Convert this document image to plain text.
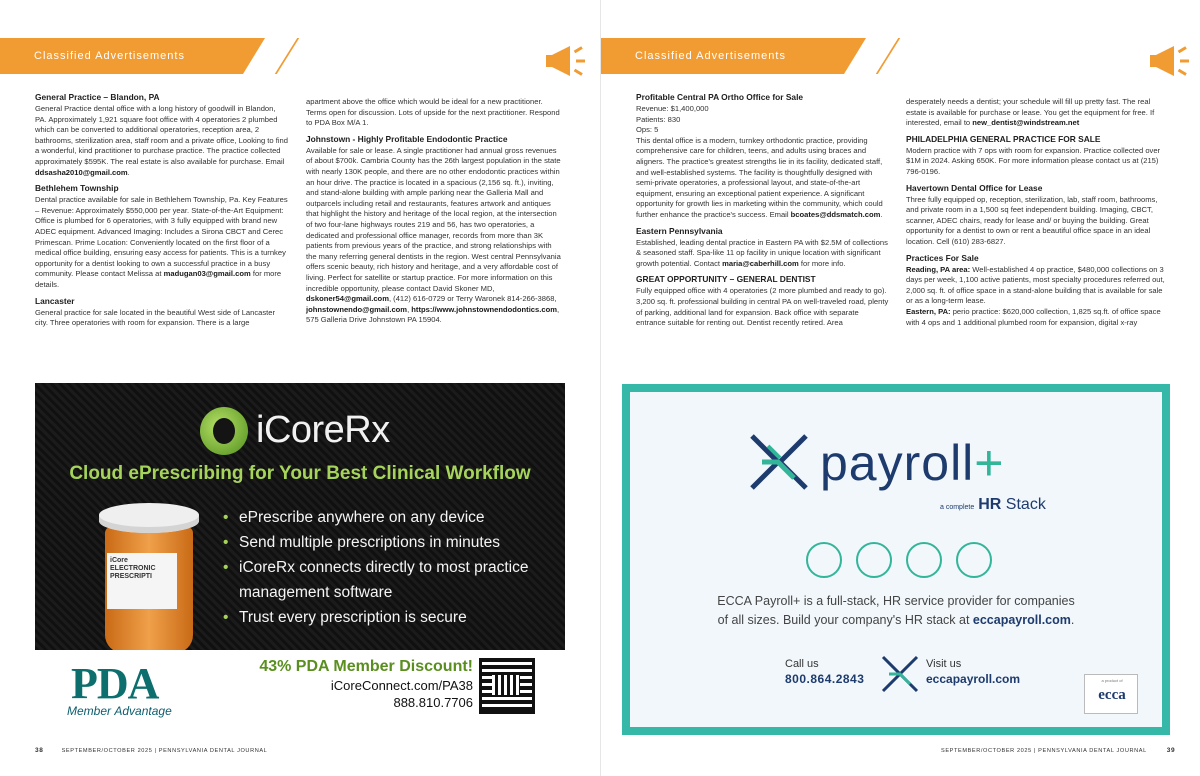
Classified Advertisements
General Practice – Blandon, PA

General Practice dental office with a long history of goodwill in Blandon, PA. Approximately 1,921 square foot office with 4 operatories 2 plumbed which can be converted to additional operatories, reception area, 2 bathrooms, sterilization area, staff room and a private office, Looking to find a wonderful, kind practitioner to purchase practice. The practice collected approximately $595K. The real estate is also available for purchase. Email ddsasha2010@gmail.com.

Bethlehem Township

Dental practice available for sale in Bethlehem Township, Pa. Key Features – Revenue: Approximately $550,000 per year. State-of-the-Art Equipment: Office is plumbed for 6 operatories, with 3 fully equipped with brand new ADEC equipment. Advanced Imaging: Includes a Sirona CBCT and Cerec Primescan. Prime Location: Conveniently located on the first floor of a medical office building, ensuring easy access for patients. This is a turnkey opportunity for a dentist looking to own a successful practice in a busy community. Please contact Melissa at madugan03@gmail.com for more details.

Lancaster

General practice for sale located in the beautiful West side of Lancaster city. Three operatories with room for expansion. There is a large

apartment above the office which would be ideal for a new practitioner. Terms open for discussion. Lots of upside for the next practitioner. Respond to PDA Box M/A 1.

Johnstown - Highly Profitable Endodontic Practice

Available for sale or lease. A single practitioner had annual gross revenues of about $700k. Cambria County has the 26th largest population in the state with nearly 130K people, and there are no other endodontic practices within an hour drive. The practice is located in a spacious (2,156 sq. ft.), inviting, and stand-alone building with ample parking near the Galleria Mall and outparcels including retail and restaurants, features artwork and antiques that highlight the history and heritage of the local region, at the intersection of two four-lane highways routes 219 and 56, has two operatories, a dedicated and professional office manager, records from more than 3K patients from previous years of the practice, and strong relationships with the many referring general dentists in the region. West central Pennsylvania offers scenic beauty, rich history and heritage, and a very affordable cost of living. Perfect for satellite or startup practice. For more information on this incredible opportunity, please contact David Skoner MD, dskoner54@gmail.com, (412) 616-0729 or Terry Waronek 814-266-3868, johnstownendo@gmail.com, https://www.johnstownendodontics.com, 575 Galleria Drive Johnstown PA 15904.

iCoreRx
Cloud ePrescribing for Your Best Clinical Workflow
iCore
ELECTRONIC PRESCRIPTI
• ePrescribe anywhere on any device
• Send multiple prescriptions in minutes
• iCoreRx connects directly to most practice management software
• Trust every prescription is secure
PDA
Member Advantage
43% PDA Member Discount!
iCoreConnect.com/PA38
888.810.7706
38	SEPTEMBER/OCTOBER 2025 | PENNSYLVANIA DENTAL JOURNAL
Classified Advertisements
Profitable Central PA Ortho Office for Sale

Revenue: $1,400,000
Patients: 830
Ops: 5
This dental office is a modern, turnkey orthodontic practice, providing comprehensive care for children, teens, and adults using braces and aligners. The practice's greatest strengths lie in its facility, dedicated staff, and well-established systems. The facility is thoughtfully designed with semi-private operatories, a professional layout, and state-of-the-art equipment, ensuring an exceptional patient experience. A significant opportunity for growth lies in marketing within the community, which could further enhance the practice's success. Email bcoates@ddsmatch.com.

Eastern Pennsylvania

Established, leading dental practice in Eastern PA with $2.5M of collections & seasoned staff. Spa-like 11 op facility in unique location with significant growth potential. Contact maria@caberhill.com for more info.

GREAT OPPORTUNITY – GENERAL DENTIST

Fully equipped office with 4 operatories (2 more plumbed and ready to go). 3,200 sq. ft. professional building in central PA on well-traveled road, plenty of parking, additional land for expansion. Back office with separate entrance suitable for renting out. Dentist recently retired. Area

desperately needs a dentist; your schedule will fill up pretty fast. The real estate is available for purchase or lease. You get the equipment for free. If interested, email to new_dentist@windstream.net

PHILADELPHIA GENERAL PRACTICE FOR SALE

Modern practice with 7 ops with room for expansion. Practice collected over $1M in 2024. Asking 650K. For more information please contact us at (215) 796-0196.

Havertown Dental Office for Lease

Three fully equipped op, reception, sterilization, lab, staff room, bathrooms, and private room in a 1,500 sq feet independent building. Imaging, CBCT, scanner, ADEC chairs, ready for lease and/ or buying the building. Great opportunity for a dentist to own or rent a beautiful office space in an ideal location. Cell (610) 283-6827.

Practices For Sale

Reading, PA area: Well-established 4 op practice, $480,000 collections on 3 days per week, 1,100 active patients, most specialty procedures referred out, 2,000 sq. ft. of office space in a stand-alone building that is available for sale or as a long-term lease.

Eastern, PA: perio practice: $620,000 collection, 1,825 sq.ft. of office space with 4 ops and 1 additional plumbed room for expansion, digital x-ray

payroll+
a complete HR Stack
ECCA Payroll+ is a full-stack, HR service provider for companies
of all sizes. Build your company's HR stack at eccapayroll.com.
Call us
800.864.2843
Visit us
eccapayroll.com	a product of
ecca
SEPTEMBER/OCTOBER 2025 | PENNSYLVANIA DENTAL JOURNAL	39
